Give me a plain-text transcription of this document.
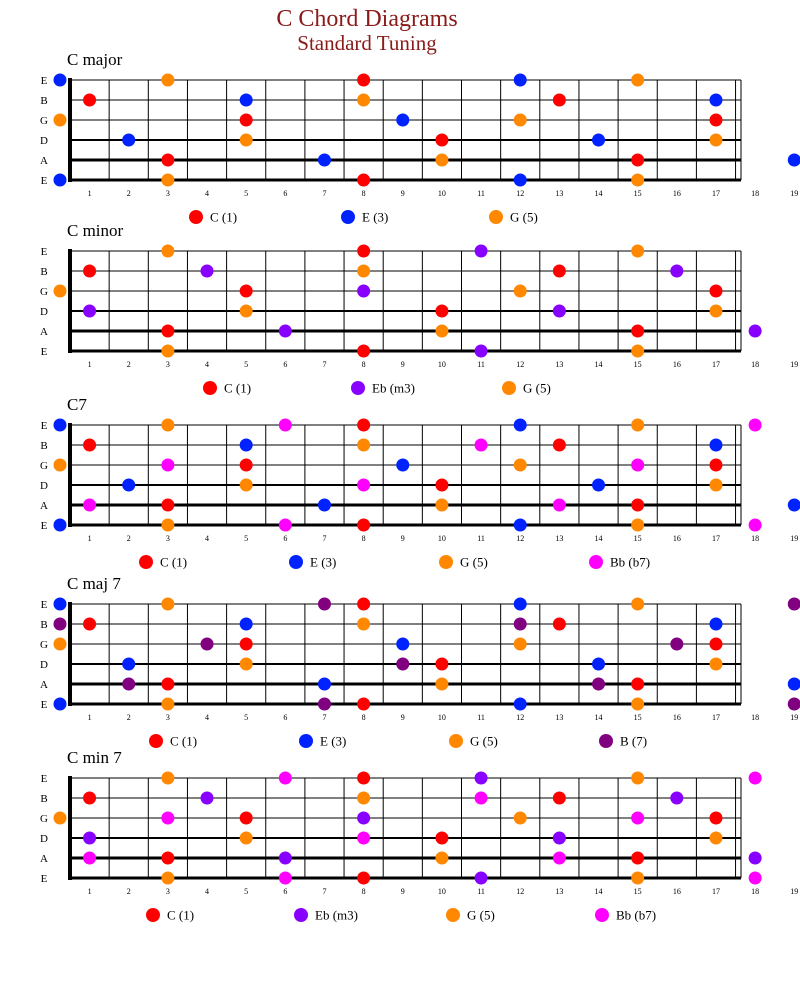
C Chord Diagrams
Standard Tuning
C major
E
B
G
D
A
E
1	2	3	4	5	6	7	8	9	10	11	12	13	14	15	16	17	18	19
C (1)	E (3)	G (5)
C minor
E
B
G
D
A
E
1	2	3	4	5	6	7	8	9	10	11	12	13	14	15	16	17	18	19
C (1)	Eb (m3)	G (5)
C7
E
B
G
D
A
E
1	2	3	4	5	6	7	8	9	10	11	12	13	14	15	16	17	18	19
C (1)	E (3)	G (5)	Bb (b7)
C maj 7
E
B
G
D
A
E
1	2	3	4	5	6	7	8	9	10	11	12	13	14	15	16	17	18	19
C (1)	E (3)	G (5)	B (7)
C min 7
E
B
G
D
A
E
1	2	3	4	5	6	7	8	9	10	11	12	13	14	15	16	17	18	19
C (1)	Eb (m3)	G (5)	Bb (b7)
